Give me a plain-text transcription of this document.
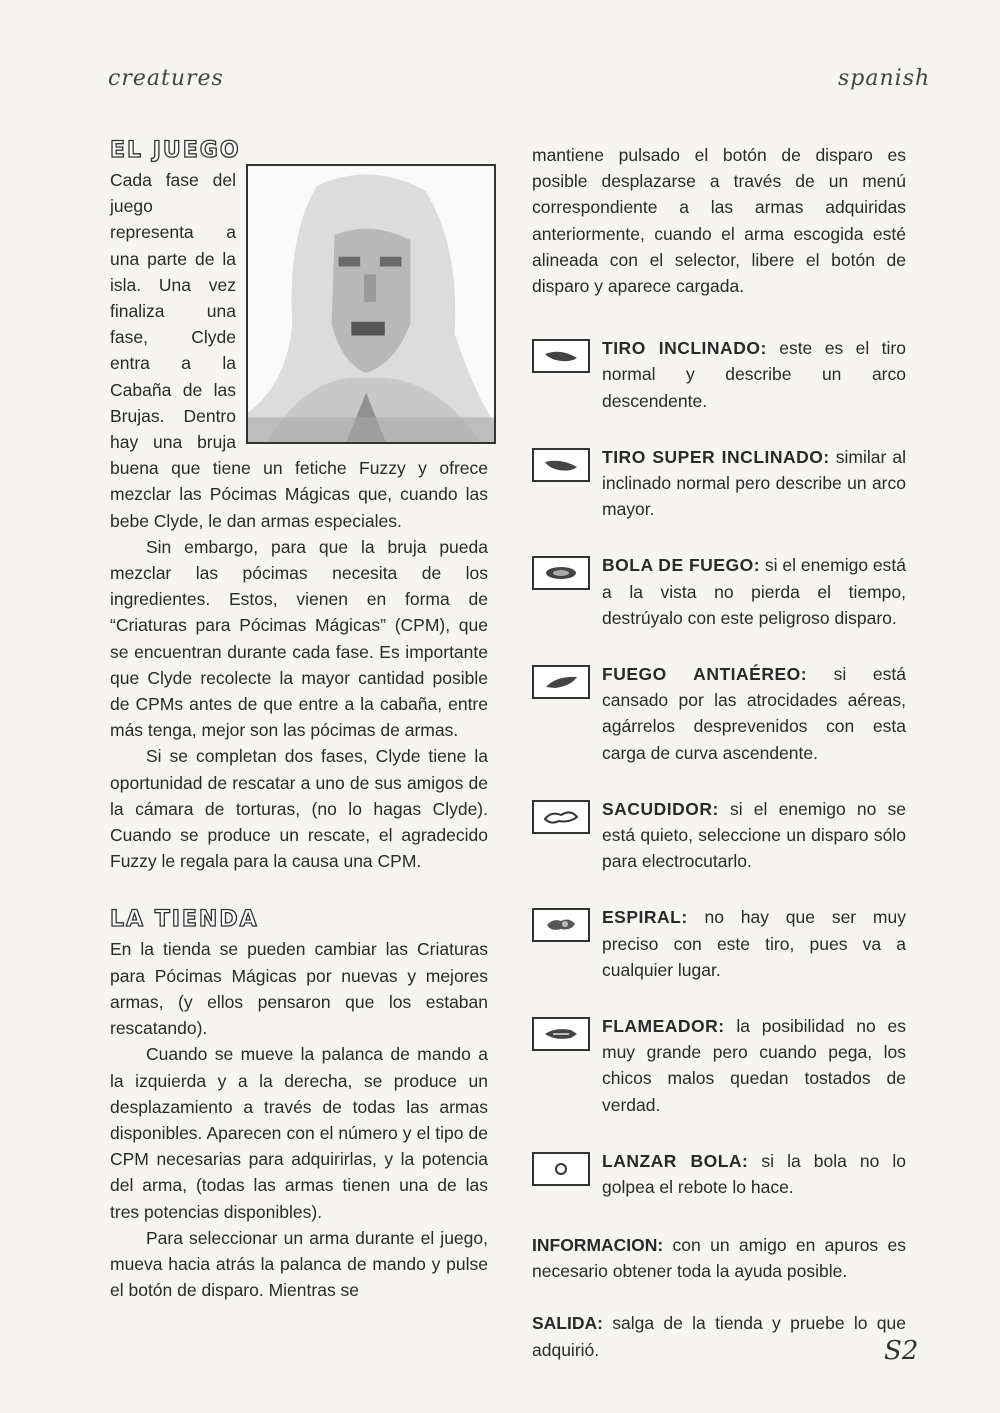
creatures	spanish
EL JUEGO

Cada fase del juego representa a una parte de la isla. Una vez finaliza una fase, Clyde entra a la Cabaña de las Brujas. Dentro hay una bruja buena que tiene un fetiche Fuzzy y ofrece mezclar las Pócimas Mágicas que, cuando las bebe Clyde, le dan armas especiales.

Sin embargo, para que la bruja pueda mezclar las pócimas necesita de los ingredientes. Estos, vienen en forma de “Criaturas para Pócimas Mágicas” (CPM), que se encuentran durante cada fase. Es importante que Clyde recolecte la mayor cantidad posible de CPMs antes de que entre a la cabaña, entre más tenga, mejor son las pócimas de armas.

Si se completan dos fases, Clyde tiene la oportunidad de rescatar a uno de sus amigos de la cámara de torturas, (no lo hagas Clyde). Cuando se produce un rescate, el agradecido Fuzzy le regala para la causa una CPM.

LA TIENDA

En la tienda se pueden cambiar las Criaturas para Pócimas Mágicas por nuevas y mejores armas, (y ellos pensaron que los estaban rescatando).

Cuando se mueve la palanca de mando a la izquierda y a la derecha, se produce un desplazamiento a través de todas las armas disponibles. Aparecen con el número y el tipo de CPM necesarias para adquirirlas, y la potencia del arma, (todas las armas tienen una de las tres potencias disponibles).

Para seleccionar un arma durante el juego, mueva hacia atrás la palanca de mando y pulse el botón de disparo. Mientras se

mantiene pulsado el botón de disparo es posible desplazarse a través de un menú correspondiente a las armas adquiridas anteriormente, cuando el arma escogida esté alineada con el selector, libere el botón de disparo y aparece cargada.

TIRO INCLINADO: este es el tiro normal y describe un arco descendente.

TIRO SUPER INCLINADO: similar al inclinado normal pero describe un arco mayor.

BOLA DE FUEGO: si el enemigo está a la vista no pierda el tiempo, destrúyalo con este peligroso disparo.

FUEGO ANTIAÉREO: si está cansado por las atrocidades aéreas, agárrelos desprevenidos con esta carga de curva ascendente.

SACUDIDOR: si el enemigo no se está quieto, seleccione un disparo sólo para electrocutarlo.

ESPIRAL: no hay que ser muy preciso con este tiro, pues va a cualquier lugar.

FLAMEADOR: la posibilidad no es muy grande pero cuando pega, los chicos malos quedan tostados de verdad.

LANZAR BOLA: si la bola no lo golpea el rebote lo hace.

INFORMACION: con un amigo en apuros es necesario obtener toda la ayuda posible.

SALIDA: salga de la tienda y pruebe lo que adquirió.	S2
